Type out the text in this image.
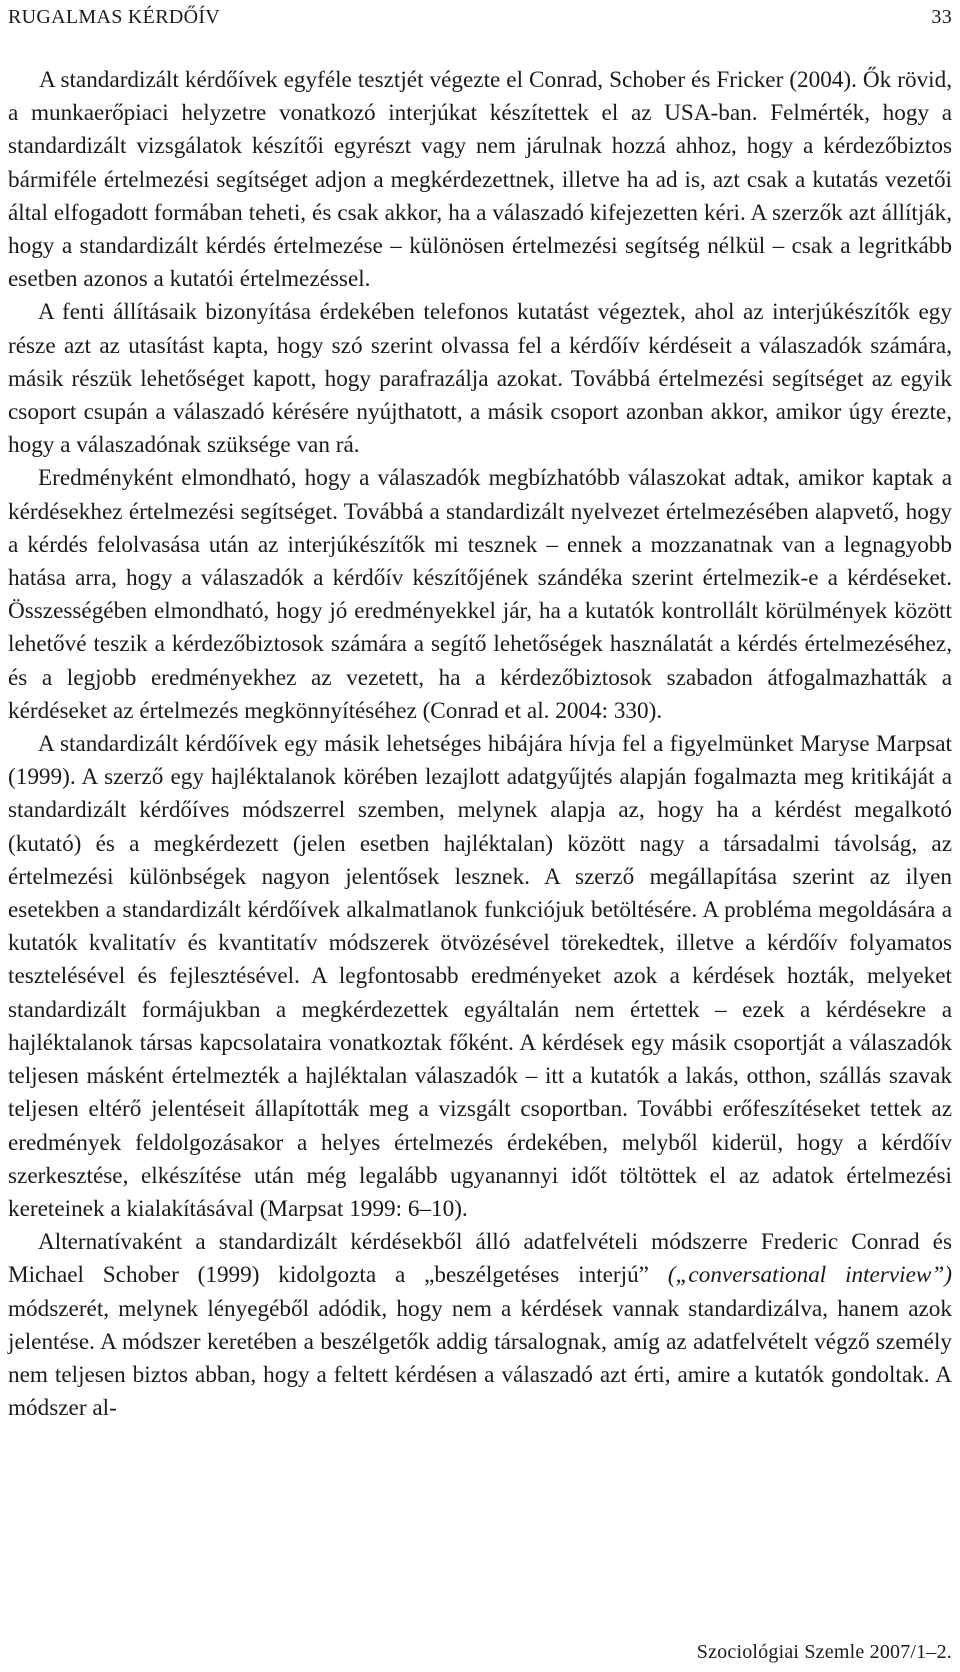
RUGALMAS KÉRDŐÍV	33

A standardizált kérdőívek egyféle tesztjét végezte el Conrad, Schober és Fricker (2004). Ők rövid, a munkaerőpiaci helyzetre vonatkozó interjúkat készítettek el az USA-ban. Felmérték, hogy a standardizált vizsgálatok készítői egyrészt vagy nem járulnak hozzá ahhoz, hogy a kérdezőbiztos bármiféle értelmezési segítséget adjon a megkérdezettnek, illetve ha ad is, azt csak a kutatás vezetői által elfogadott formában teheti, és csak akkor, ha a válaszadó kifejezetten kéri. A szerzők azt állítják, hogy a standardizált kérdés értelmezése – különösen értelmezési segítség nélkül – csak a legritkább esetben azonos a kutatói értelmezéssel.

A fenti állításaik bizonyítása érdekében telefonos kutatást végeztek, ahol az interjúkészítők egy része azt az utasítást kapta, hogy szó szerint olvassa fel a kérdőív kérdéseit a válaszadók számára, másik részük lehetőséget kapott, hogy parafrazálja azokat. Továbbá értelmezési segítséget az egyik csoport csupán a válaszadó kérésére nyújthatott, a másik csoport azonban akkor, amikor úgy érezte, hogy a válaszadónak szüksége van rá.

Eredményként elmondható, hogy a válaszadók megbízhatóbb válaszokat adtak, amikor kaptak a kérdésekhez értelmezési segítséget. Továbbá a standardizált nyelvezet értelmezésében alapvető, hogy a kérdés felolvasása után az interjúkészítők mi tesznek – ennek a mozzanatnak van a legnagyobb hatása arra, hogy a válaszadók a kérdőív készítőjének szándéka szerint értelmezik-e a kérdéseket. Összességében elmondható, hogy jó eredményekkel jár, ha a kutatók kontrollált körülmények között lehetővé teszik a kérdezőbiztosok számára a segítő lehetőségek használatát a kérdés értelmezéséhez, és a legjobb eredményekhez az vezetett, ha a kérdezőbiztosok szabadon átfogalmazhatták a kérdéseket az értelmezés megkönnyítéséhez (Conrad et al. 2004: 330).

A standardizált kérdőívek egy másik lehetséges hibájára hívja fel a figyelmünket Maryse Marpsat (1999). A szerző egy hajléktalanok körében lezajlott adatgyűjtés alapján fogalmazta meg kritikáját a standardizált kérdőíves módszerrel szemben, melynek alapja az, hogy ha a kérdést megalkotó (kutató) és a megkérdezett (jelen esetben hajléktalan) között nagy a társadalmi távolság, az értelmezési különbségek nagyon jelentősek lesznek. A szerző megállapítása szerint az ilyen esetekben a standardizált kérdőívek alkalmatlanok funkciójuk betöltésére. A probléma megoldására a kutatók kvalitatív és kvantitatív módszerek ötvözésével törekedtek, illetve a kérdőív folyamatos tesztelésével és fejlesztésével. A legfontosabb eredményeket azok a kérdések hozták, melyeket standardizált formájukban a megkérdezettek egyáltalán nem értettek – ezek a kérdésekre a hajléktalanok társas kapcsolataira vonatkoztak főként. A kérdések egy másik csoportját a válaszadók teljesen másként értelmezték a hajléktalan válaszadók – itt a kutatók a lakás, otthon, szállás szavak teljesen eltérő jelentéseit állapították meg a vizsgált csoportban. További erőfeszítéseket tettek az eredmények feldolgozásakor a helyes értelmezés érdekében, melyből kiderül, hogy a kérdőív szerkesztése, elkészítése után még legalább ugyanannyi időt töltöttek el az adatok értelmezési kereteinek a kialakításával (Marpsat 1999: 6–10).

Alternatívaként a standardizált kérdésekből álló adatfelvételi módszerre Frederic Conrad és Michael Schober (1999) kidolgozta a „beszélgetéses interjú” („conversational interview”) módszerét, melynek lényegéből adódik, hogy nem a kérdések vannak standardizálva, hanem azok jelentése. A módszer keretében a beszélgetők addig társalognak, amíg az adatfelvételt végző személy nem teljesen biztos abban, hogy a feltett kérdésen a válaszadó azt érti, amire a kutatók gondoltak. A módszer al-

Szociológiai Szemle 2007/1–2.
